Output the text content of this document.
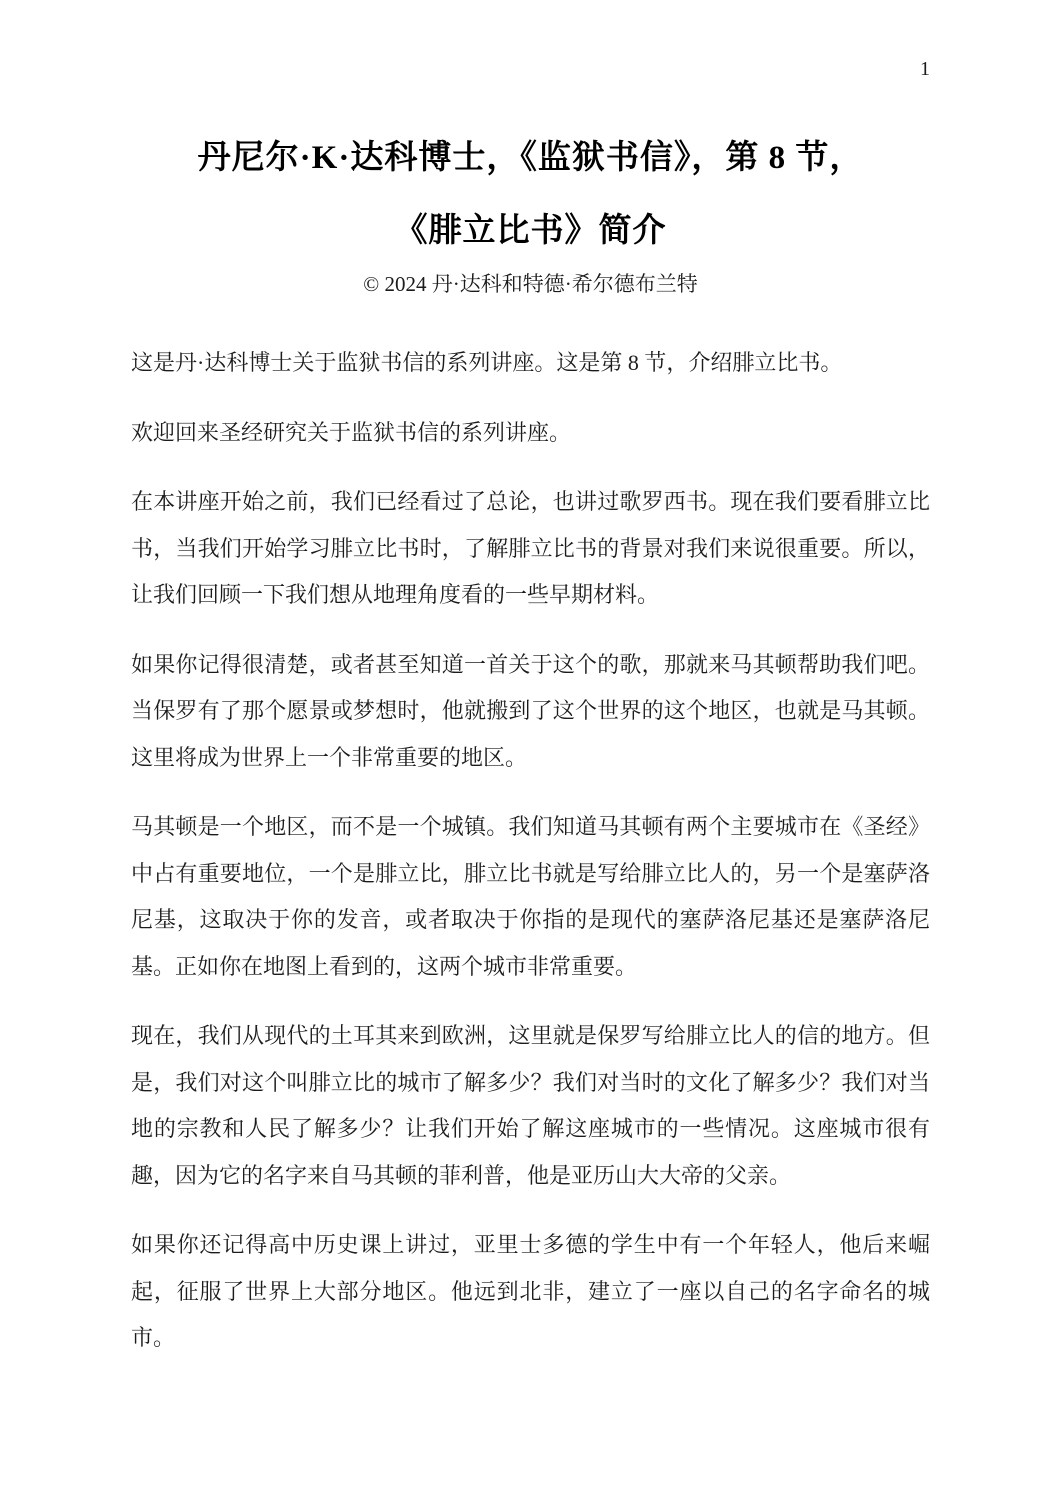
1
丹尼尔·K·达科博士，《监狱书信》，第 8 节，
《腓立比书》简介
© 2024 丹·达科和特德·希尔德布兰特

这是丹·达科博士关于监狱书信的系列讲座。这是第 8 节，介绍腓立比书。

欢迎回来圣经研究关于监狱书信的系列讲座。

在本讲座开始之前，我们已经看过了总论，也讲过歌罗西书。现在我们要看腓立比书，当我们开始学习腓立比书时，了解腓立比书的背景对我们来说很重要。所以，让我们回顾一下我们想从地理角度看的一些早期材料。

如果你记得很清楚，或者甚至知道一首关于这个的歌，那就来马其顿帮助我们吧。当保罗有了那个愿景或梦想时，他就搬到了这个世界的这个地区，也就是马其顿。这里将成为世界上一个非常重要的地区。

马其顿是一个地区，而不是一个城镇。我们知道马其顿有两个主要城市在《圣经》中占有重要地位，一个是腓立比，腓立比书就是写给腓立比人的，另一个是塞萨洛尼基，这取决于你的发音，或者取决于你指的是现代的塞萨洛尼基还是塞萨洛尼基。正如你在地图上看到的，这两个城市非常重要。

现在，我们从现代的土耳其来到欧洲，这里就是保罗写给腓立比人的信的地方。但是，我们对这个叫腓立比的城市了解多少？我们对当时的文化了解多少？我们对当地的宗教和人民了解多少？让我们开始了解这座城市的一些情况。这座城市很有趣，因为它的名字来自马其顿的菲利普，他是亚历山大大帝的父亲。

如果你还记得高中历史课上讲过，亚里士多德的学生中有一个年轻人，他后来崛起，征服了世界上大部分地区。他远到北非，建立了一座以自己的名字命名的城市。
